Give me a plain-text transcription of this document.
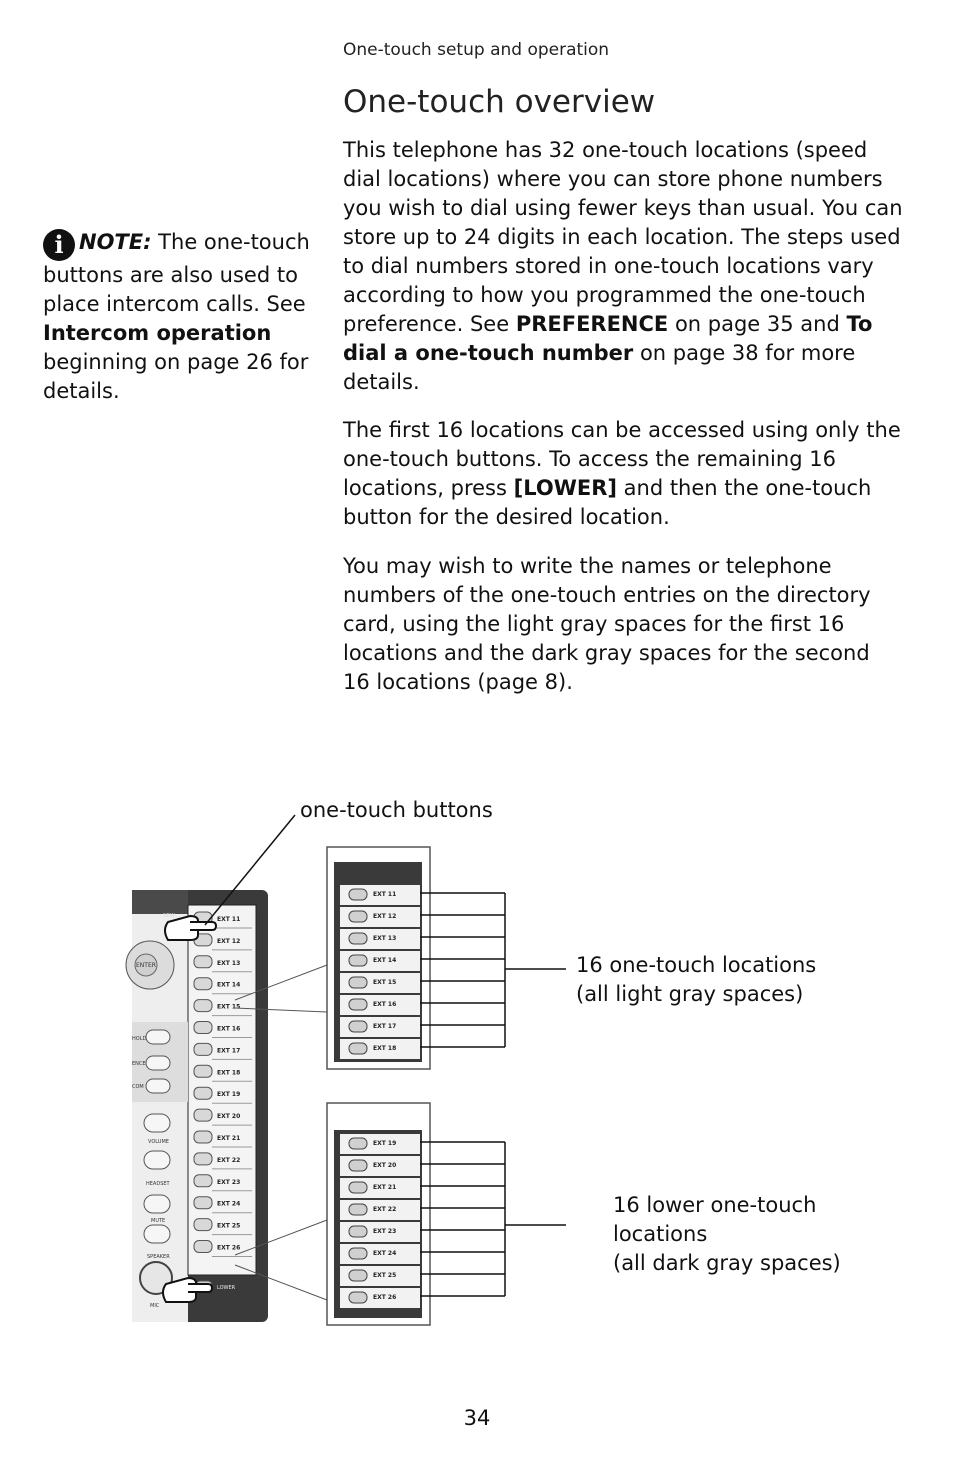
One-touch setup and operation
One-touch overview

i NOTE: The one-touch buttons are also used to place intercom calls. See Intercom operation beginning on page 26 for details.

This telephone has 32 one-touch locations (speed dial locations) where you can store phone numbers you wish to dial using fewer keys than usual. You can store up to 24 digits in each location. The steps used to dial numbers stored in one-touch locations vary according to how you programmed the one-touch preference. See PREFERENCE on page 35 and To dial a one-touch number on page 38 for more details.

The first 16 locations can be accessed using only the one-touch buttons. To access the remaining 16 locations, press [LOWER] and then the one-touch button for the desired location.

You may wish to write the names or telephone numbers of the one-touch entries on the directory card, using the light gray spaces for the first 16 locations and the dark gray spaces for the second 16 locations (page 8).

one-touch buttons
16 one-touch locations
(all light gray spaces)
16 lower one-touch
locations
(all dark gray spaces)
NEW
ENTER
HOLD
ENCE
COM
VOLUME
HEADSET
MUTE
SPEAKER
MIC
LOWER
EXT 11
EXT 12
EXT 13
EXT 14
EXT 15
EXT 16
EXT 17
EXT 18
EXT 19
EXT 20
EXT 21
EXT 22
EXT 23
EXT 24
EXT 25
EXT 26
EXT 11
EXT 12
EXT 13
EXT 14
EXT 15
EXT 16
EXT 17
EXT 18
EXT 19
EXT 20
EXT 21
EXT 22
EXT 23
EXT 24
EXT 25
EXT 26
34
